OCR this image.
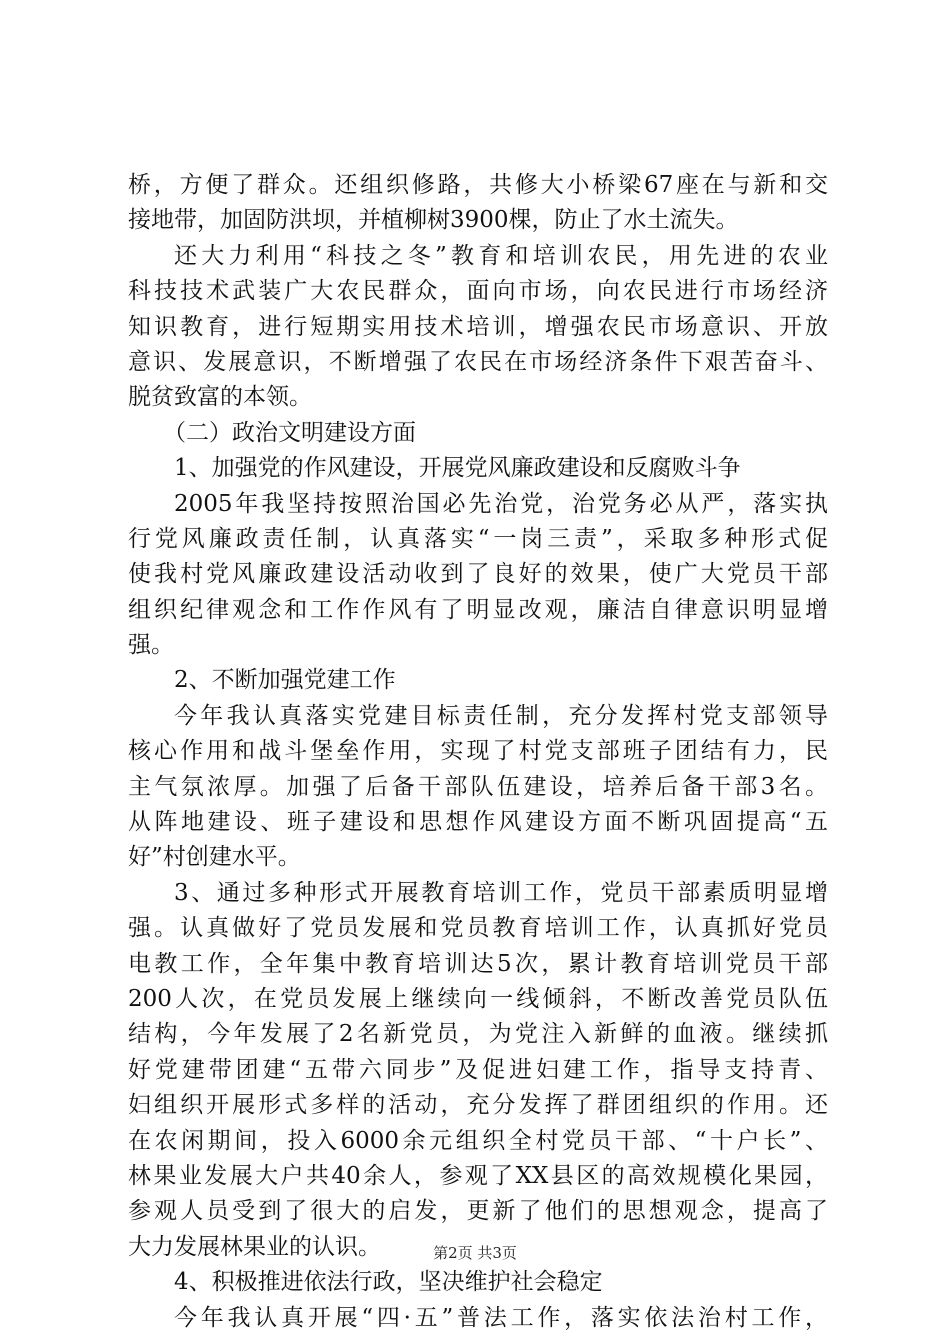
桥，方便了群众。还组织修路，共修大小桥梁67座在与新和交
接地带，加固防洪坝，并植柳树3900棵，防止了水土流失。
还大力利用“科技之冬”教育和培训农民，用先进的农业
科技技术武装广大农民群众，面向市场，向农民进行市场经济
知识教育，进行短期实用技术培训，增强农民市场意识、开放
意识、发展意识，不断增强了农民在市场经济条件下艰苦奋斗、
脱贫致富的本领。
（二）政治文明建设方面
1、加强党的作风建设，开展党风廉政建设和反腐败斗争
2005年我坚持按照治国必先治党，治党务必从严，落实执
行党风廉政责任制，认真落实“一岗三责”，采取多种形式促
使我村党风廉政建设活动收到了良好的效果，使广大党员干部
组织纪律观念和工作作风有了明显改观，廉洁自律意识明显增
强。
2、不断加强党建工作
今年我认真落实党建目标责任制，充分发挥村党支部领导
核心作用和战斗堡垒作用，实现了村党支部班子团结有力，民
主气氛浓厚。加强了后备干部队伍建设，培养后备干部3名。
从阵地建设、班子建设和思想作风建设方面不断巩固提高“五
好”村创建水平。
3、通过多种形式开展教育培训工作，党员干部素质明显增
强。认真做好了党员发展和党员教育培训工作，认真抓好党员
电教工作，全年集中教育培训达5次，累计教育培训党员干部
200人次，在党员发展上继续向一线倾斜，不断改善党员队伍
结构，今年发展了2名新党员，为党注入新鲜的血液。继续抓
好党建带团建“五带六同步”及促进妇建工作，指导支持青、
妇组织开展形式多样的活动，充分发挥了群团组织的作用。还
在农闲期间，投入6000余元组织全村党员干部、“十户长”、
林果业发展大户共40余人，参观了XX县区的高效规模化果园，
参观人员受到了很大的启发，更新了他们的思想观念，提高了
大力发展林果业的认识。
4、积极推进依法行政，坚决维护社会稳定
今年我认真开展“四·五”普法工作，落实依法治村工作，
第2页 共3页
